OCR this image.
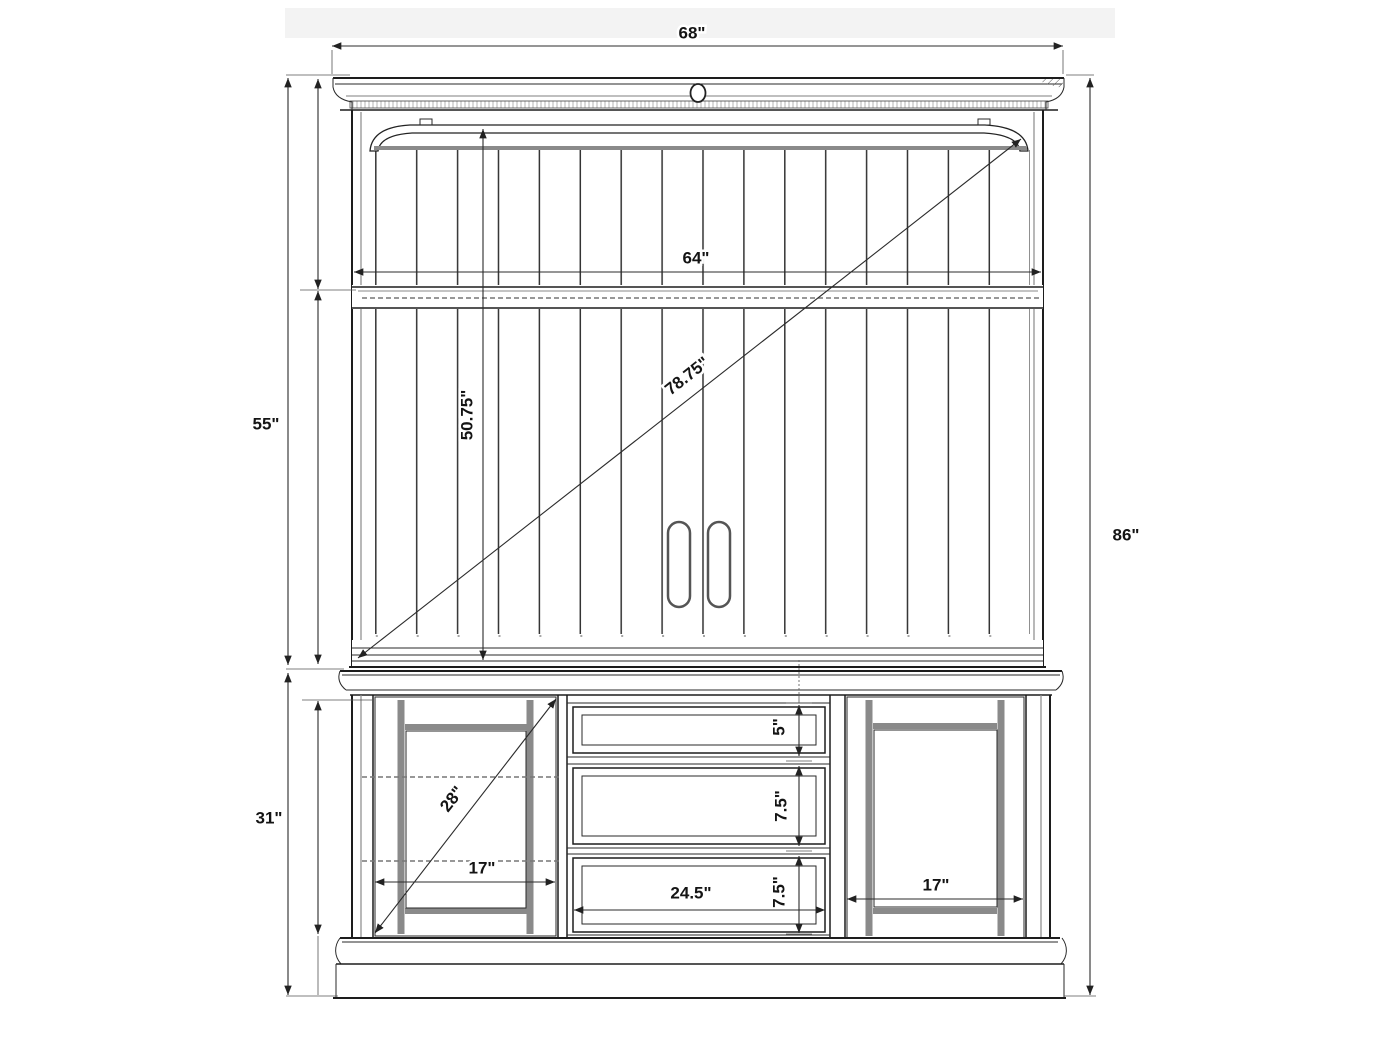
68"
64"
55"
31"
86"
50.75"
78.75"
28"
17"
5"
7.5"
7.5"
24.5"	17"
